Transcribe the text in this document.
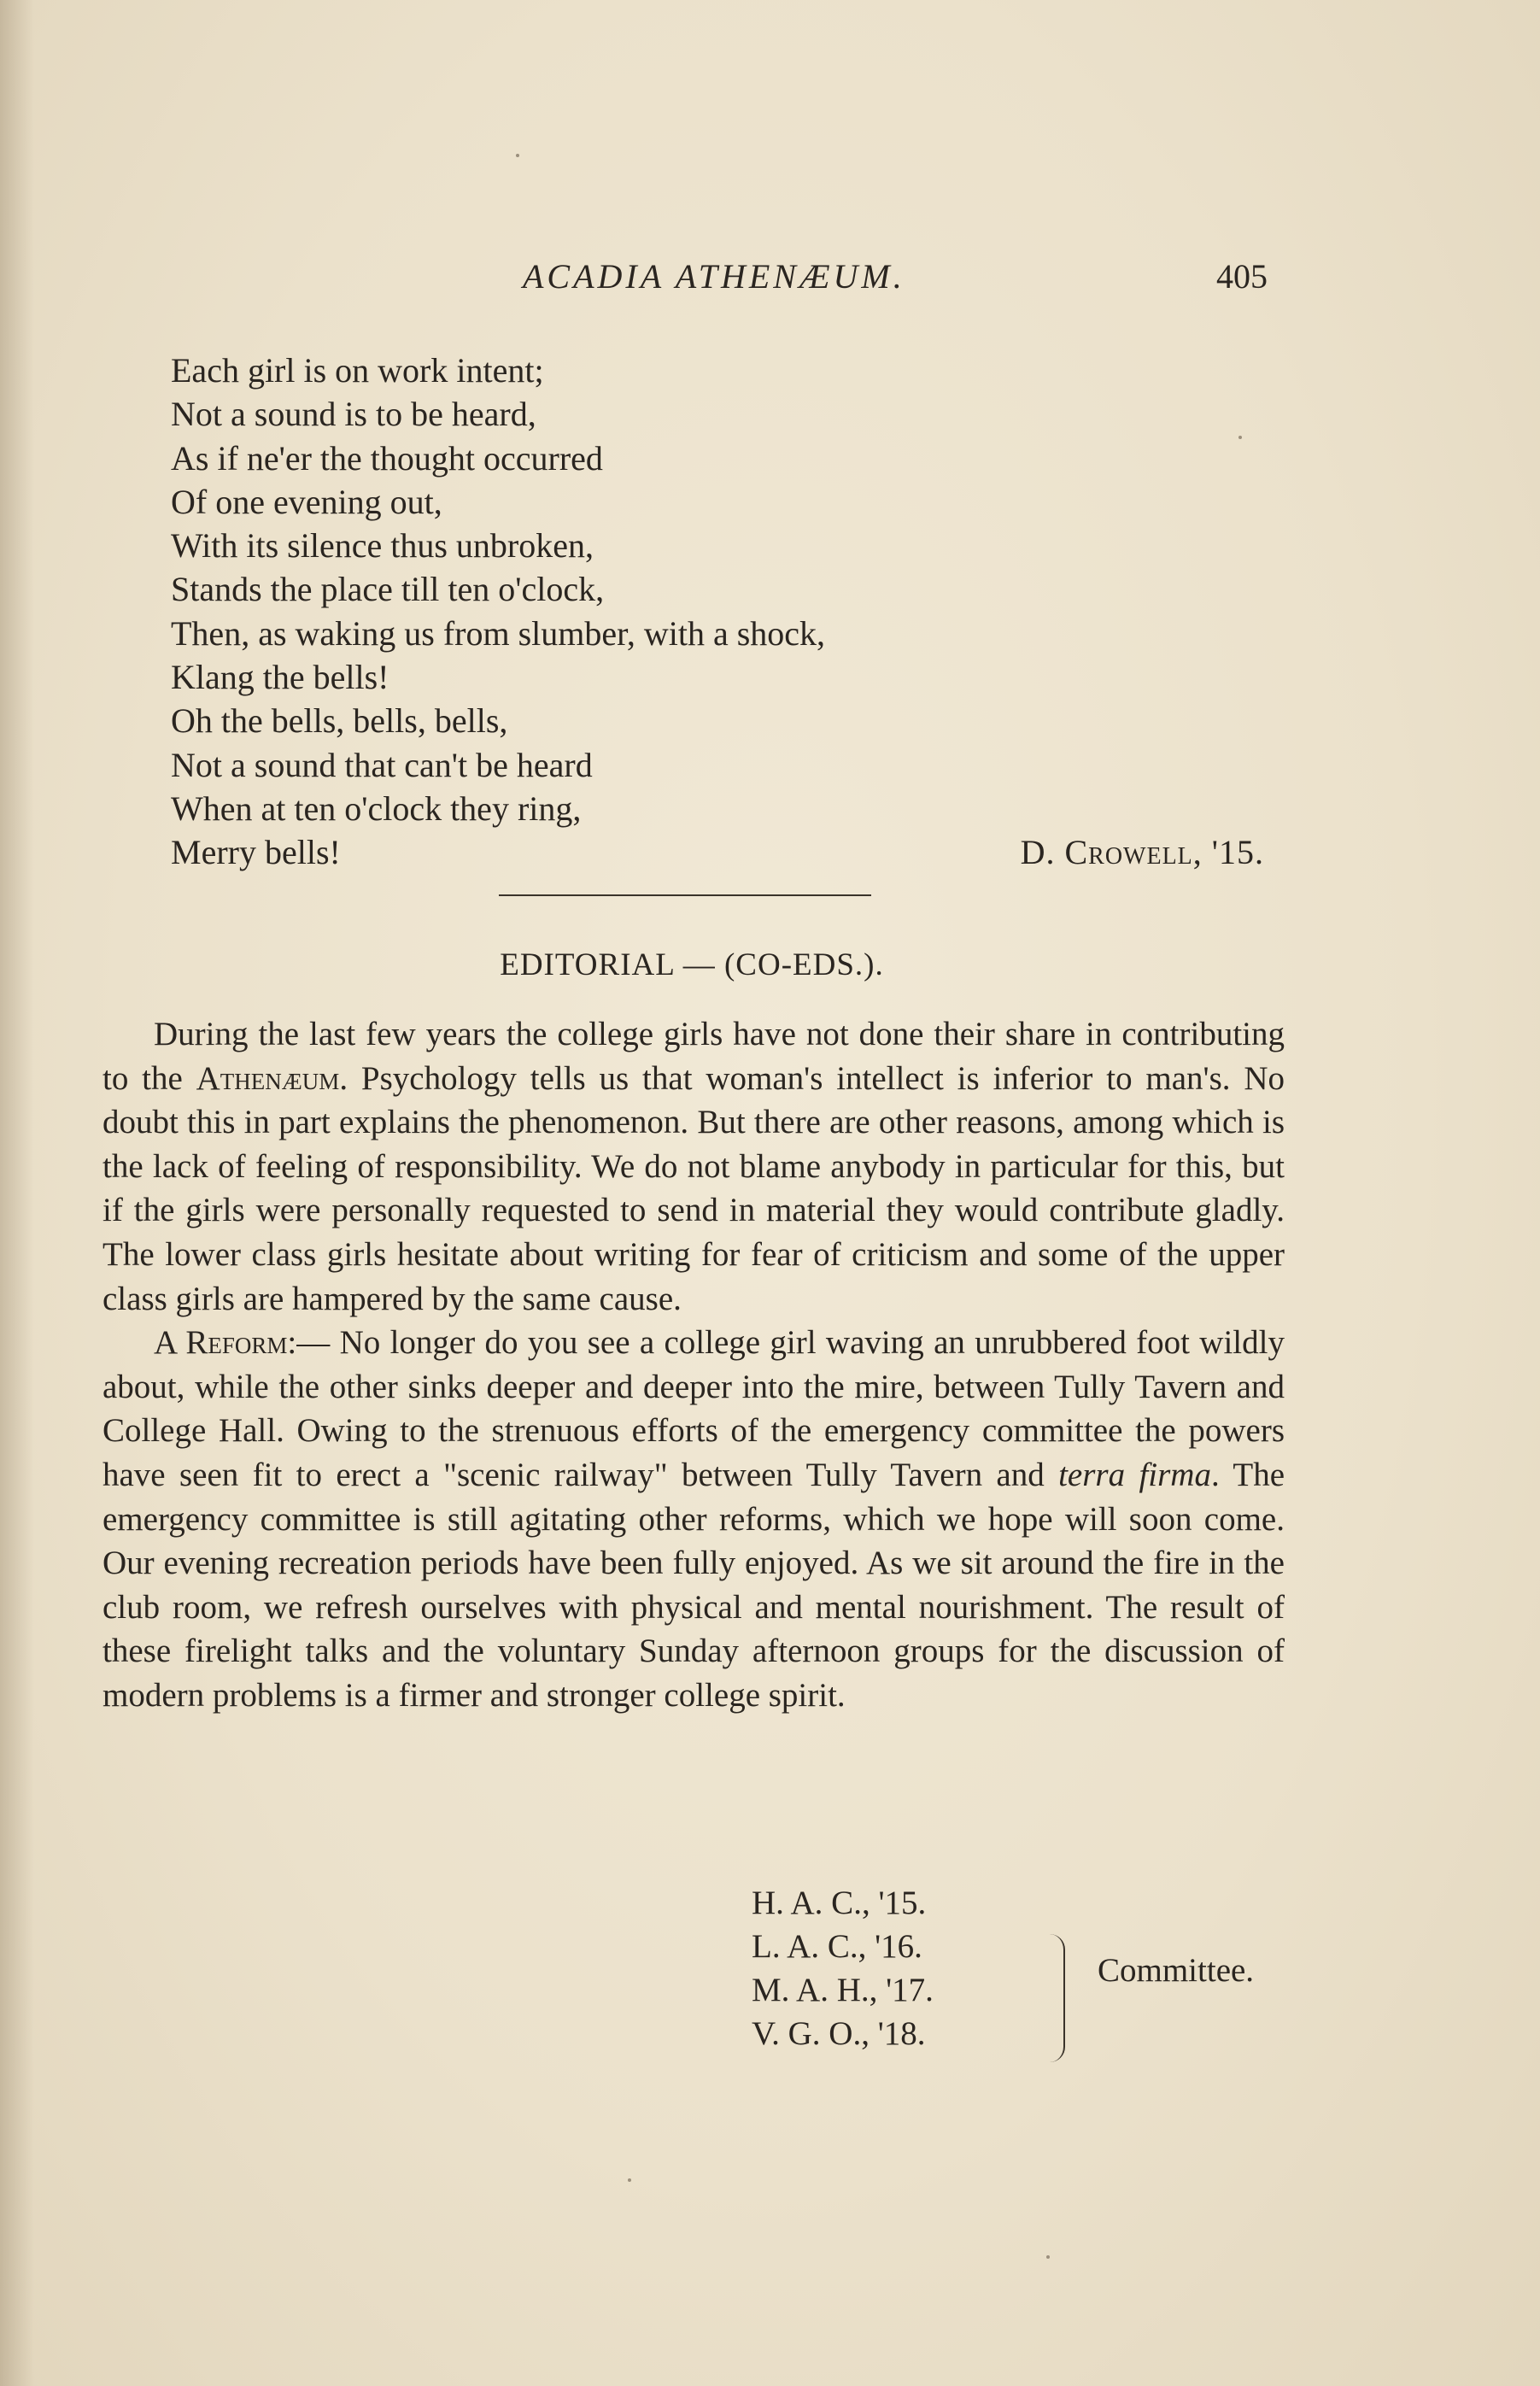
ACADIA ATHENÆUM.	405
Each girl is on work intent;
Not a sound is to be heard,
As if ne'er the thought occurred
Of one evening out,
With its silence thus unbroken,
Stands the place till ten o'clock,
Then, as waking us from slumber, with a shock,
Klang the bells!
Oh the bells, bells, bells,
Not a sound that can't be heard
When at ten o'clock they ring,
Merry bells!	D. Crowell, '15.
EDITORIAL — (CO-EDS.).

During the last few years the college girls have not done their share in contributing to the Athenæum. Psychology tells us that woman's intellect is inferior to man's. No doubt this in part explains the phenomenon. But there are other reasons, among which is the lack of feeling of responsibility. We do not blame anybody in particular for this, but if the girls were personally requested to send in material they would contribute gladly. The lower class girls hesitate about writing for fear of criticism and some of the upper class girls are hampered by the same cause.

A Reform:— No longer do you see a college girl waving an unrubbered foot wildly about, while the other sinks deeper and deeper into the mire, between Tully Tavern and College Hall. Owing to the strenuous efforts of the emergency committee the powers have seen fit to erect a "scenic railway" between Tully Tavern and terra firma. The emergency committee is still agitating other reforms, which we hope will soon come. Our evening recreation periods have been fully enjoyed. As we sit around the fire in the club room, we refresh ourselves with physical and mental nourishment. The result of these firelight talks and the voluntary Sunday afternoon groups for the discussion of modern problems is a firmer and stronger college spirit.

H. A. C., '15.
L. A. C., '16.
M. A. H., '17.
V. G. O., '18.
Committee.
